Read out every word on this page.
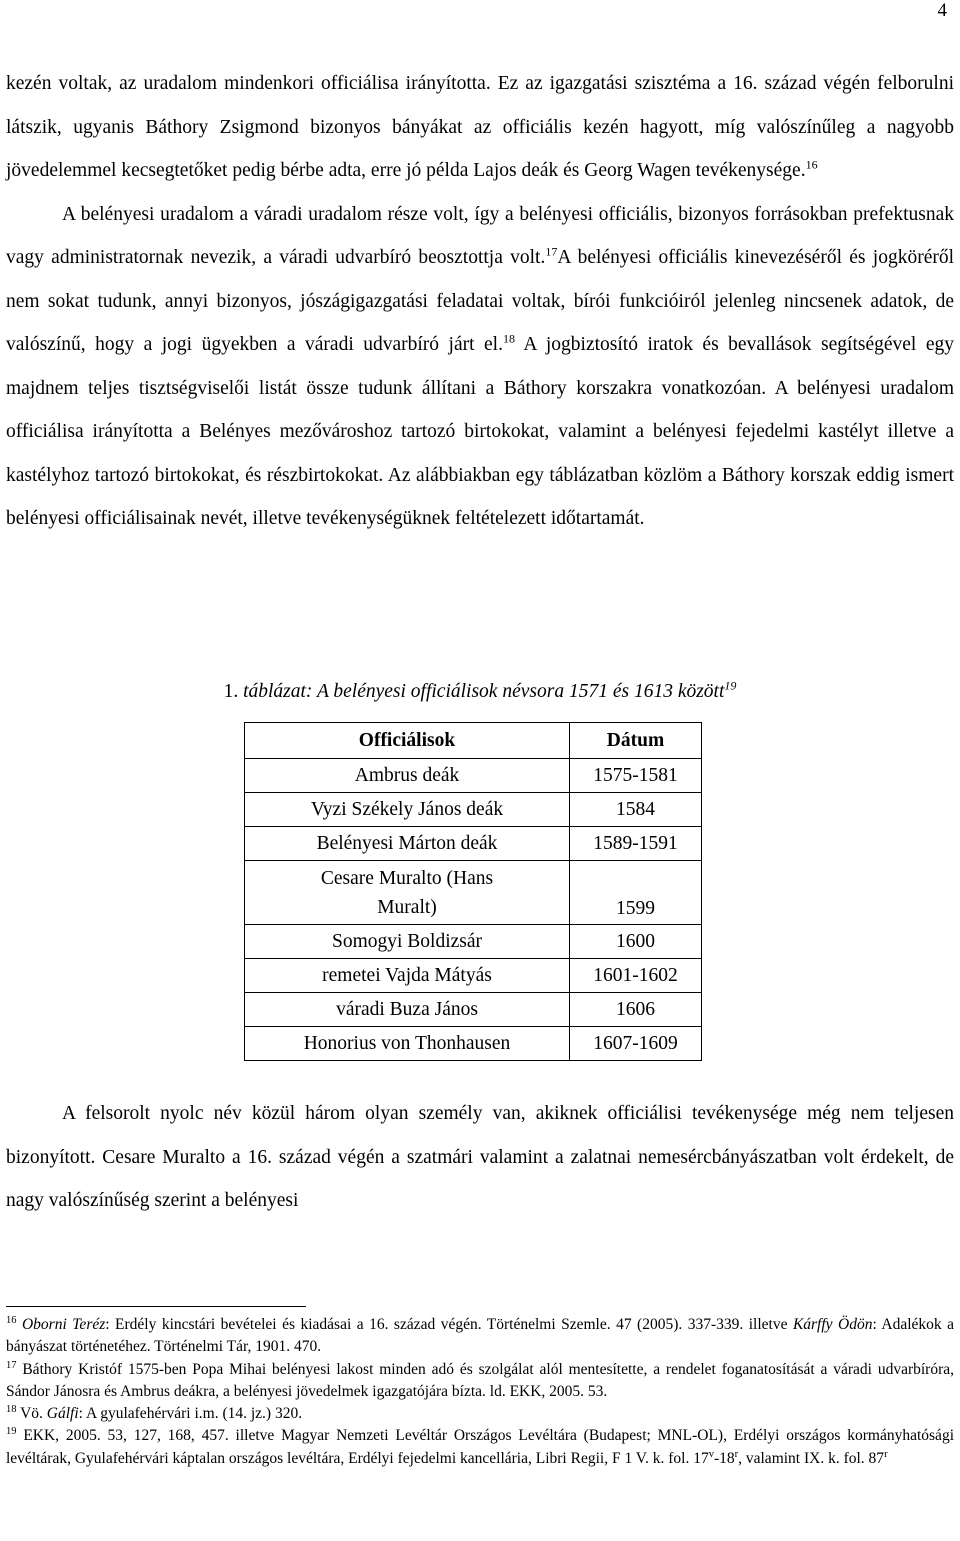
4

kezén voltak, az uradalom mindenkori officiálisa irányította. Ez az igazgatási szisztéma a 16. század végén felborulni látszik, ugyanis Báthory Zsigmond bizonyos bányákat az officiális kezén hagyott, míg valószínűleg a nagyobb jövedelemmel kecsegtetőket pedig bérbe adta, erre jó példa Lajos deák és Georg Wagen tevékenysége.$^{16}$

A belényesi uradalom a váradi uradalom része volt, így a belényesi officiális, bizonyos forrásokban prefektusnak vagy administratornak nevezik, a váradi udvarbíró beosztottja volt.$^{17}$A belényesi officiális kinevezéséről és jogköréről nem sokat tudunk, annyi bizonyos, jószágigazgatási feladatai voltak, bírói funkcióiról jelenleg nincsenek adatok, de valószínű, hogy a jogi ügyekben a váradi udvarbíró járt el.$^{18}$ A jogbiztosító iratok és bevallások segítségével egy majdnem teljes tisztségviselői listát össze tudunk állítani a Báthory korszakra vonatkozóan. A belényesi uradalom officiálisa irányította a Belényes mezővároshoz tartozó birtokokat, valamint a belényesi fejedelmi kastélyt illetve a kastélyhoz tartozó birtokokat, és részbirtokokat. Az alábbiakban egy táblázatban közlöm a Báthory korszak eddig ismert belényesi officiálisainak nevét, illetve tevékenységüknek feltételezett időtartamát.

1. táblázat: A belényesi officiálisok névsora 1571 és 1613 között$^{19}$
Officiálisok	Dátum
Ambrus deák	1575-1581
Vyzi Székely János deák	1584
Belényesi Márton deák	1589-1591
Cesare Muralto (Hans
Muralt)	1599
Somogyi Boldizsár	1600
remetei Vajda Mátyás	1601-1602
váradi Buza János	1606
Honorius von Thonhausen	1607-1609

A felsorolt nyolc név közül három olyan személy van, akiknek officiálisi tevékenysége még nem teljesen bizonyított. Cesare Muralto a 16. század végén a szatmári valamint a zalatnai nemesércbányászatban volt érdekelt, de nagy valószínűség szerint a belényesi

$^{16}$ Oborni Teréz: Erdély kincstári bevételei és kiadásai a 16. század végén. Történelmi Szemle. 47 (2005). 337-339. illetve Kárffy Ödön: Adalékok a bányászat történetéhez. Történelmi Tár, 1901. 470.

$^{17}$ Báthory Kristóf 1575-ben Popa Mihai belényesi lakost minden adó és szolgálat alól mentesítette, a rendelet foganatosítását a váradi udvarbíróra, Sándor Jánosra és Ambrus deákra, a belényesi jövedelmek igazgatójára bízta. ld. EKK, 2005. 53.

$^{18}$ Vö. Gálfi: A gyulafehérvári i.m. (14. jz.) 320.

$^{19}$ EKK, 2005. 53, 127, 168, 457. illetve Magyar Nemzeti Levéltár Országos Levéltára (Budapest; MNL-OL), Erdélyi országos kormányhatósági levéltárak, Gyulafehérvári káptalan országos levéltára, Erdélyi fejedelmi kancellária, Libri Regii, F 1 V. k. fol. 17$^v$-18$^r$, valamint IX. k. fol. 87$^r$
